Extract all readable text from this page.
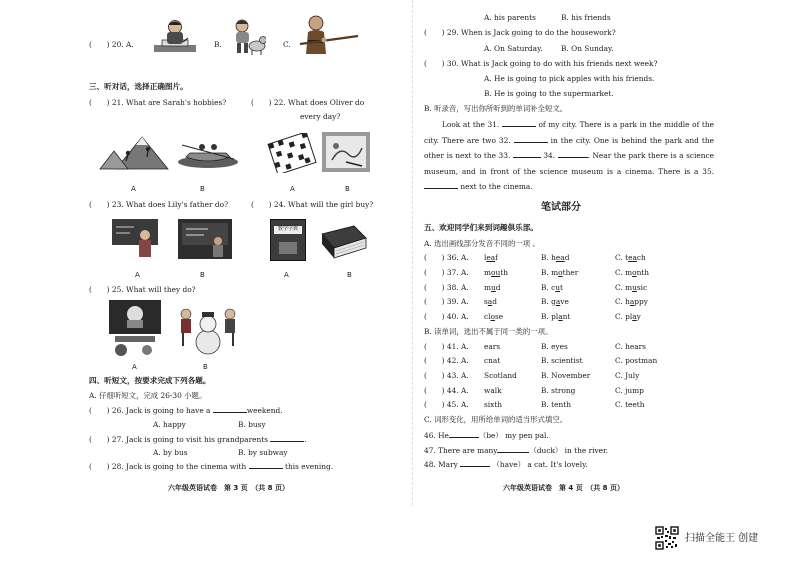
(　　) 20. A.	B.	C.
三、听对话，选择正确图片。
(　　) 21. What are Sarah's hobbies?	(　　) 22. What does Oliver do
every day?
A	B	A	B
(　　) 23. What does Lily's father do?	(　　) 24. What will the girl buy?
数学字典
A	B	A	B
(　　) 25. What will they do?
A	B
四、听短文，按要求完成下列各题。
A. 仔细听短文，完成 26-30 小题。
(　　) 26. Jack is going to have a	weekend.
A. happy	B. busy
(　　) 27. Jack is going to visit his grandparents	.
A. by bus	B. by subway
(　　) 28. Jack is going to the cinema with	this evening.
六年级英语试卷　第 3 页　（共 8 页）
A. his parents	B. his friends
(　　) 29. When is Jack going to do the housework?
A. On Saturday. B. On Sunday.
(　　) 30. What is Jack going to do with his friends next week?
A. He is going to pick apples with his friends.
B. He is going to the supermarket.
B. 听录音，写出你所听到的单词补全短文。
Look at the 31.	of my city. There is a park in the middle of the city. There are two 32.	in the city. One is behind the park and the other is next to the 33.	34.	. Near the park there is a science museum, and in front of the science museum is a cinema. There is a 35.  next to the cinema.
笔试部分
五、欢迎同学们来到词趣俱乐部。
A. 选出画线部分发音不同的一项 。
(　　) 36. A. leaf	B. head	C. teach
(　　) 37. A. mouth	B. mother	C. month
(　　) 38. A. mud	B. cut	C. music
(　　) 39. A. sad	B. gave	C. happy
(　　) 40. A. close	B. plant	C. play
B. 读单词，选出不属于同一类的一项。
(　　) 41. A. ears	B. eyes	C. hears
(　　) 42. A. cnat	B. scientist	C. postman
(　　) 43. A. Scotland	B. November	C. July
(　　) 44. A. walk	B. strong	C. jump
(　　) 45. A. sixth	B. tenth	C. teeth
C. 词形变化，用所给单词的适当形式填空。
46. He	（be） my pen pal.
47. There are many	（duck） in the river.
48. Mary	（have） a cat. It's lovely.
六年级英语试卷　第 4 页　（共 8 页）
扫描全能王 创建
